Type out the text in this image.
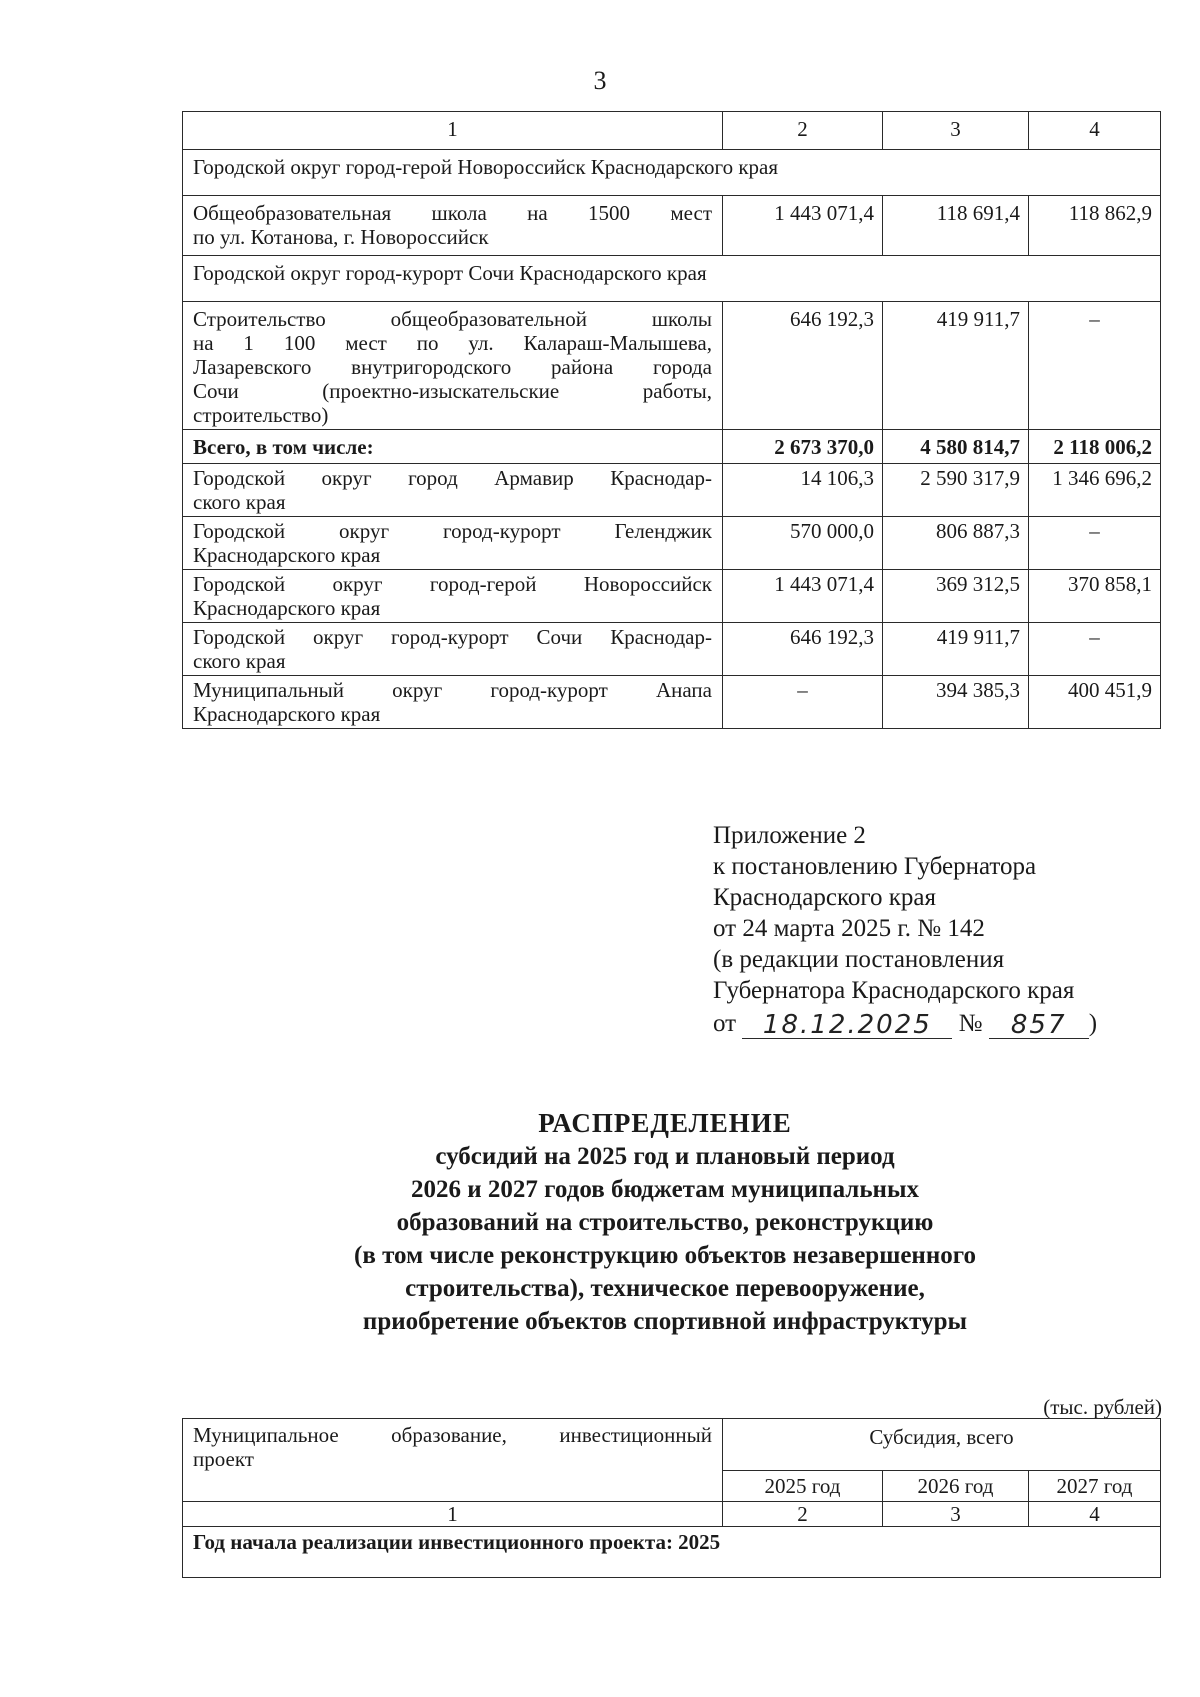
3
1	2	3	4
Городской округ город-герой Новороссийск Краснодарского края			
Общеобразовательная школа на 1500 мест
по ул. Котанова, г. Новороссийск	1 443 071,4	118 691,4	118 862,9
Городской округ город-курорт Сочи Краснодарского края			

Строительство общеобразовательной школы
на 1 100 мест по ул. Калараш-Малышева,
Лазаревского внутригородского района города
Сочи (проектно-изыскательские работы,
строительство)	646 192,3	419 911,7	–
Всего, в том числе:	2 673 370,0	4 580 814,7	2 118 006,2
Городской округ город Армавир Краснодар-
ского края	14 106,3	2 590 317,9	1 346 696,2
Городской округ город-курорт Геленджик
Краснодарского края	570 000,0	806 887,3	–
Городской округ город-герой Новороссийск
Краснодарского края	1 443 071,4	369 312,5	370 858,1
Городской округ город-курорт Сочи Краснодар-
ского края	646 192,3	419 911,7	–
Муниципальный округ город-курорт Анапа
Краснодарского края	–	394 385,3	400 451,9
Приложение 2
к постановлению Губернатора
Краснодарского края
от 24 марта 2025 г. № 142
(в редакции постановления
Губернатора Краснодарского края
от 18.12.2025 № 857 )
РАСПРЕДЕЛЕНИЕ
субсидий на 2025 год и плановый период
2026 и 2027 годов бюджетам муниципальных
образований на строительство, реконструкцию
(в том числе реконструкцию объектов незавершенного
строительства), техническое перевооружение,
приобретение объектов спортивной инфраструктуры
(тыс. рублей)
Муниципальное образование, инвестиционный
проект	Субсидия, всего		
	2025 год	2026 год	2027 год
1	2	3	4
Год начала реализации инвестиционного проекта: 2025			
